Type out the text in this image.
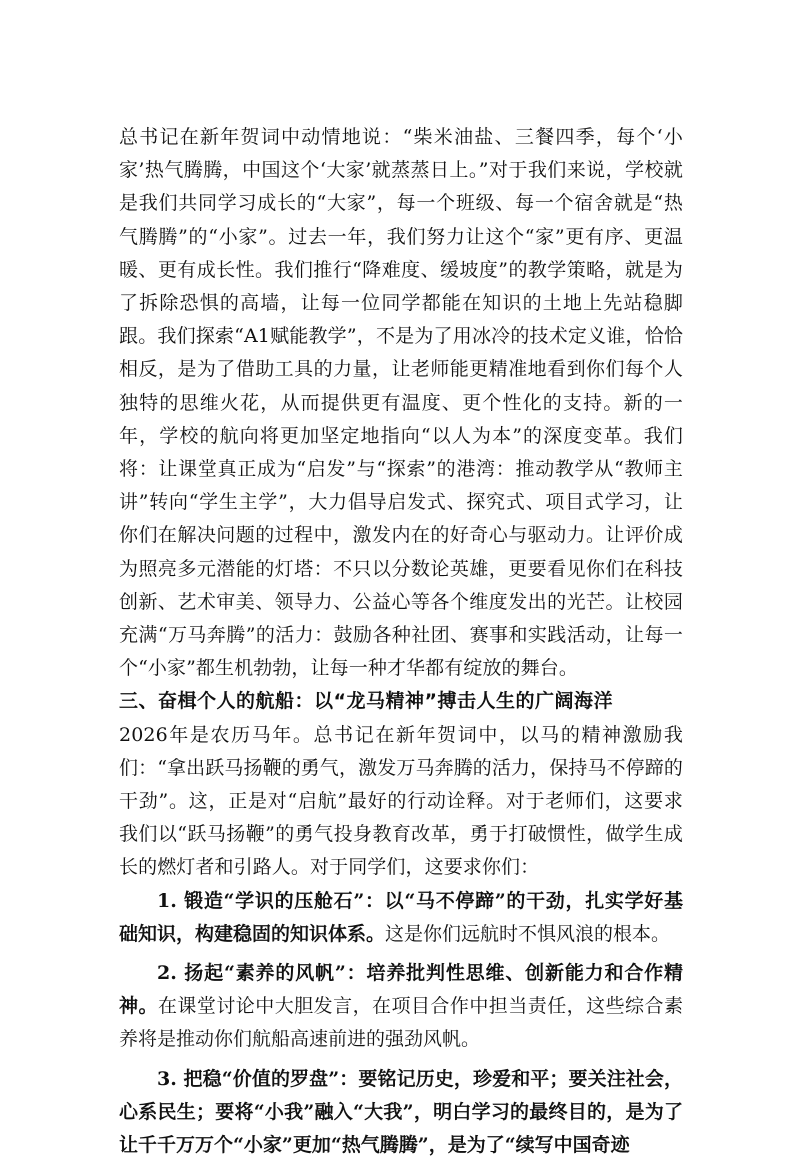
总书记在新年贺词中动情地说：“柴米油盐、三餐四季，每个‘小家’热气腾腾，中国这个‘大家’就蒸蒸日上。”对于我们来说，学校就是我们共同学习成长的“大家”，每一个班级、每一个宿舍就是“热气腾腾”的“小家”。过去一年，我们努力让这个“家”更有序、更温暖、更有成长性。我们推行“降难度、缓坡度”的教学策略，就是为了拆除恐惧的高墙，让每一位同学都能在知识的土地上先站稳脚跟。我们探索“A1赋能教学”，不是为了用冰冷的技术定义谁，恰恰相反，是为了借助工具的力量，让老师能更精准地看到你们每个人独特的思维火花，从而提供更有温度、更个性化的支持。新的一年，学校的航向将更加坚定地指向“以人为本”的深度变革。我们将：让课堂真正成为“启发”与“探索”的港湾：推动教学从“教师主讲”转向“学生主学”，大力倡导启发式、探究式、项目式学习，让你们在解决问题的过程中，激发内在的好奇心与驱动力。让评价成为照亮多元潜能的灯塔：不只以分数论英雄，更要看见你们在科技创新、艺术审美、领导力、公益心等各个维度发出的光芒。让校园充满“万马奔腾”的活力：鼓励各种社团、赛事和实践活动，让每一个“小家”都生机勃勃，让每一种才华都有绽放的舞台。

三、奋楫个人的航船：以“龙马精神”搏击人生的广阔海洋

2026年是农历马年。总书记在新年贺词中，以马的精神激励我们：“拿出跃马扬鞭的勇气，激发万马奔腾的活力，保持马不停蹄的干劲”。这，正是对“启航”最好的行动诠释。对于老师们，这要求我们以“跃马扬鞭”的勇气投身教育改革，勇于打破惯性，做学生成长的燃灯者和引路人。对于同学们，这要求你们：

1. 锻造“学识的压舱石”：以“马不停蹄”的干劲，扎实学好基础知识，构建稳固的知识体系。这是你们远航时不惧风浪的根本。

2. 扬起“素养的风帆”：培养批判性思维、创新能力和合作精神。在课堂讨论中大胆发言，在项目合作中担当责任，这些综合素养将是推动你们航船高速前进的强劲风帆。

3. 把稳“价值的罗盘”：要铭记历史，珍爱和平；要关注社会，心系民生；要将“小我”融入“大我”，明白学习的最终目的，是为了让千千万万个“小家”更加“热气腾腾”，是为了“续写中国奇迹
